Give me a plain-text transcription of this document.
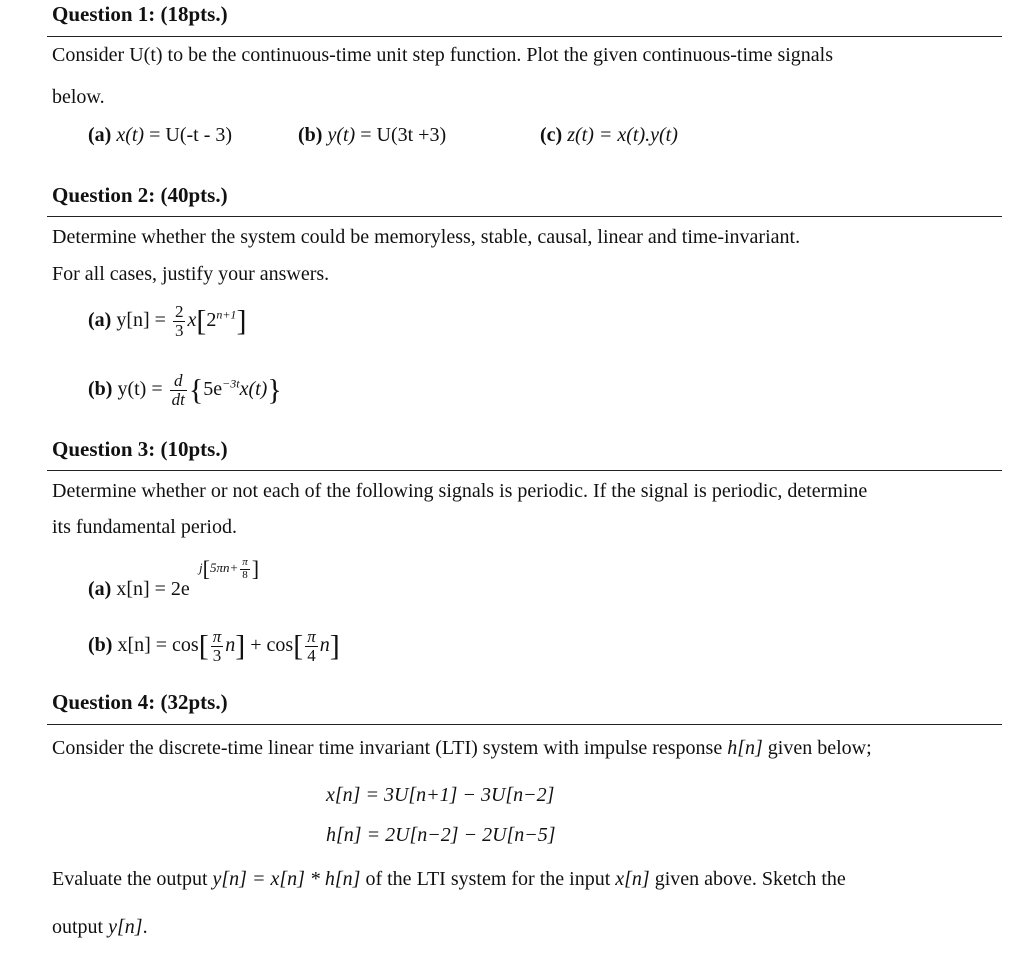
Question 1: (18pts.)
Consider U(t) to be the continuous-time unit step function. Plot the given continuous-time signals
below.
(a) x(t) = U(-t - 3)	(b) y(t) = U(3t +3)	(c) z(t) = x(t).y(t)
Question 2: (40pts.)
Determine whether the system could be memoryless, stable, causal, linear and time-invariant.
For all cases, justify your answers.
(a) $y[n] = \frac{2}{3} x[2^{n+1}]$
(b) $y(t) = \frac{d}{dt} \{5e^{-3t}x(t)\}$
Question 3: (10pts.)
Determine whether or not each of the following signals is periodic. If the signal is periodic, determine
its fundamental period.
(a) x[n] = 2e
$j[5\pi n+ \frac{\pi}{8}$ ]
(b) $x[n] = \cos[ \frac{\pi}{3} n] + \cos[ \frac{\pi}{4} n]$
Question 4: (32pts.)
Consider the discrete-time linear time invariant (LTI) system with impulse response h[n] given below;
x[n] = 3U[n+1] − 3U[n−2]
h[n] = 2U[n−2] − 2U[n−5]
Evaluate the output y[n] = x[n] * h[n] of the LTI system for the input x[n] given above. Sketch the
output y[n].
